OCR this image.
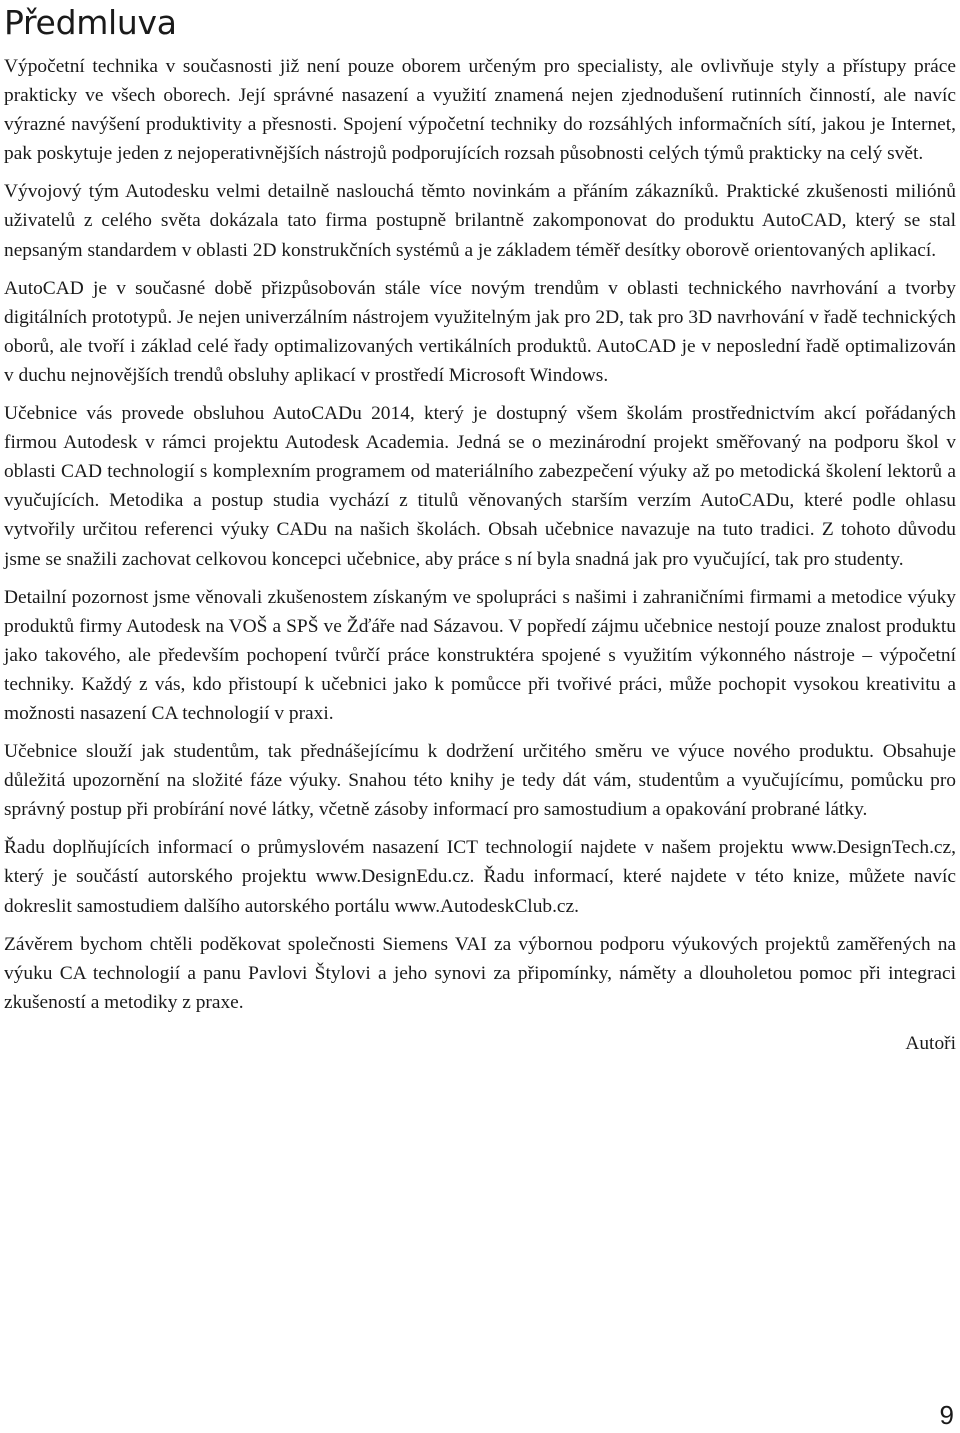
Předmluva

Výpočetní technika v současnosti již není pouze oborem určeným pro specialisty, ale ovlivňuje styly a přístupy práce prakticky ve všech oborech. Její správné nasazení a využití znamená nejen zjednodušení rutinních činností, ale navíc výrazné navýšení produktivity a přesnosti. Spojení výpočetní techniky do rozsáhlých informačních sítí, jakou je Internet, pak poskytuje jeden z nejoperativnějších nástrojů podporujících rozsah působnosti celých týmů prakticky na celý svět.

Vývojový tým Autodesku velmi detailně naslouchá těmto novinkám a přáním zákazníků. Praktické zkušenosti miliónů uživatelů z celého světa dokázala tato firma postupně brilantně zakomponovat do produktu AutoCAD, který se stal nepsaným standardem v oblasti 2D konstrukčních systémů a je základem téměř desítky oborově orientovaných aplikací.

AutoCAD je v současné době přizpůsobován stále více novým trendům v oblasti technického navrhování a tvorby digitálních prototypů. Je nejen univerzálním nástrojem využitelným jak pro 2D, tak pro 3D navrhování v řadě technických oborů, ale tvoří i základ celé řady optimalizovaných vertikálních produktů. AutoCAD je v neposlední řadě optimalizován v duchu nejnovějších trendů obsluhy aplikací v prostředí Microsoft Windows.

Učebnice vás provede obsluhou AutoCADu 2014, který je dostupný všem školám prostřednictvím akcí pořádaných firmou Autodesk v rámci projektu Autodesk Academia. Jedná se o mezinárodní projekt směřovaný na podporu škol v oblasti CAD technologií s komplexním programem od materiálního zabezpečení výuky až po metodická školení lektorů a vyučujících. Metodika a postup studia vychází z titulů věnovaných starším verzím AutoCADu, které podle ohlasu vytvořily určitou referenci výuky CADu na našich školách. Obsah učebnice navazuje na tuto tradici. Z tohoto důvodu jsme se snažili zachovat celkovou koncepci učebnice, aby práce s ní byla snadná jak pro vyučující, tak pro studenty.

Detailní pozornost jsme věnovali zkušenostem získaným ve spolupráci s našimi i zahraničními firmami a metodice výuky produktů firmy Autodesk na VOŠ a SPŠ ve Žďáře nad Sázavou. V popředí zájmu učebnice nestojí pouze znalost produktu jako takového, ale především pochopení tvůrčí práce konstruktéra spojené s využitím výkonného nástroje – výpočetní techniky. Každý z vás, kdo přistoupí k učebnici jako k pomůcce při tvořivé práci, může pochopit vysokou kreativitu a možnosti nasazení CA technologií v praxi.

Učebnice slouží jak studentům, tak přednášejícímu k dodržení určitého směru ve výuce nového produktu. Obsahuje důležitá upozornění na složité fáze výuky. Snahou této knihy je tedy dát vám, studentům a vyučujícímu, pomůcku pro správný postup při probírání nové látky, včetně zásoby informací pro samostudium a opakování probrané látky.

Řadu doplňujících informací o průmyslovém nasazení ICT technologií najdete v našem projektu www.DesignTech.cz, který je součástí autorského projektu www.DesignEdu.cz. Řadu informací, které najdete v této knize, můžete navíc dokreslit samostudiem dalšího autorského portálu www.AutodeskClub.cz.

Závěrem bychom chtěli poděkovat společnosti Siemens VAI za výbornou podporu výukových projektů zaměřených na výuku CA technologií a panu Pavlovi Štylovi a jeho synovi za připomínky, náměty a dlouholetou pomoc při integraci zkušeností a metodiky z praxe.

Autoři

9
